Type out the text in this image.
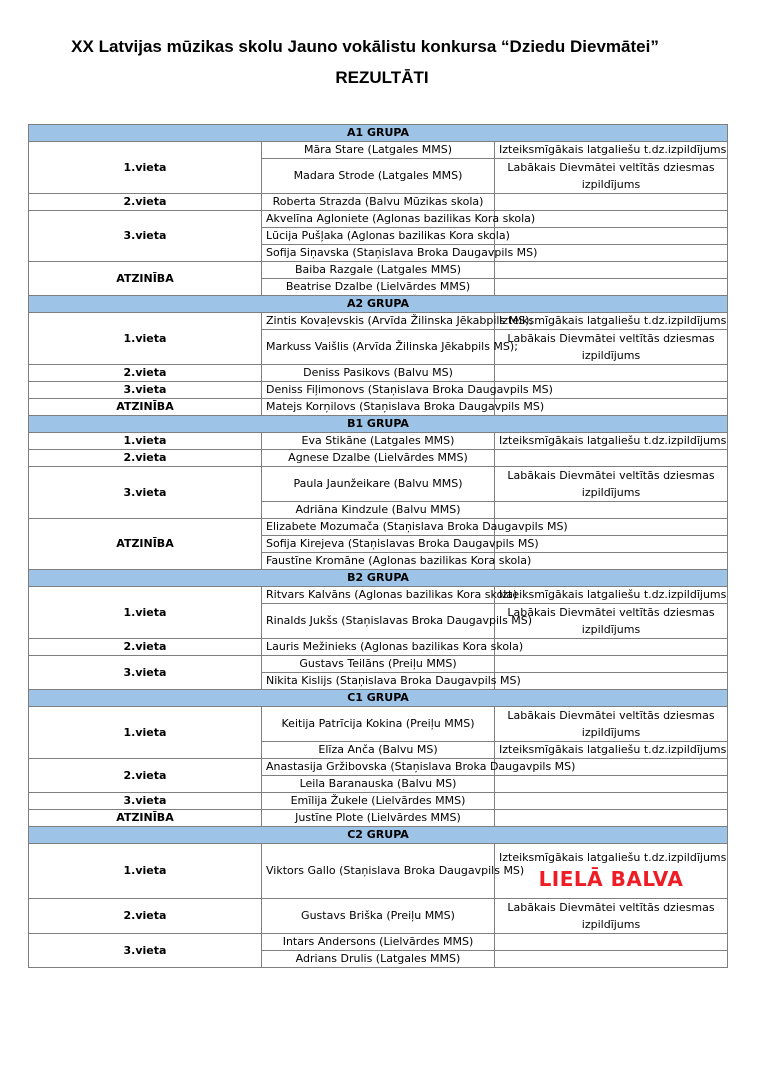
XX Latvijas mūzikas skolu Jauno vokālistu konkursa “Dziedu Dievmātei”
REZULTĀTI
A1 GRUPA		
1.vieta	Māra Stare (Latgales MMS)	Izteiksmīgākais latgaliešu t.dz.izpildījums
	Madara Strode (Latgales MMS)	Labākais Dievmātei veltītās dziesmas izpildījums
2.vieta	Roberta Strazda (Balvu Mūzikas skola)	
3.vieta	Akvelīna Agloniete (Aglonas bazilikas Kora skola)	
	Lūcija Pušļaka (Aglonas bazilikas Kora skola)	
	Sofija Siņavska (Staņislava Broka Daugavpils MS)	
ATZINĪBA	Baiba Razgale (Latgales MMS)	
	Beatrise Dzalbe (Lielvārdes MMS)	
A2 GRUPA		
1.vieta	Zintis Kovaļevskis (Arvīda Žilinska Jēkabpils MS);	Izteiksmīgākais latgaliešu t.dz.izpildījums
	Markuss Vaišlis (Arvīda Žilinska Jēkabpils MS);	Labākais Dievmātei veltītās dziesmas izpildījums
2.vieta	Deniss Pasikovs (Balvu MS)	
3.vieta	Deniss Fiļimonovs (Staņislava Broka Daugavpils MS)	
ATZINĪBA	Matejs Korņilovs (Staņislava Broka Daugavpils MS)	
B1 GRUPA		
1.vieta	Eva Stikāne (Latgales MMS)	Izteiksmīgākais latgaliešu t.dz.izpildījums
2.vieta	Agnese Dzalbe (Lielvārdes MMS)	
3.vieta	Paula Jaunžeikare (Balvu MMS)	Labākais Dievmātei veltītās dziesmas izpildījums
	Adriāna Kindzule (Balvu MMS)	
ATZINĪBA	Elizabete Mozumača (Staņislava Broka Daugavpils MS)	
	Sofija Kirejeva (Staņislavas Broka Daugavpils MS)	
	Faustīne Kromāne (Aglonas bazilikas Kora skola)	
B2 GRUPA		
1.vieta	Ritvars Kalvāns (Aglonas bazilikas Kora skola)	Izteiksmīgākais latgaliešu t.dz.izpildījums
	Rinalds Jukšs (Staņislavas Broka Daugavpils MS)	Labākais Dievmātei veltītās dziesmas izpildījums
2.vieta	Lauris Mežinieks (Aglonas bazilikas Kora skola)	
3.vieta	Gustavs Teilāns (Preiļu MMS)	
	Nikita Kislijs (Staņislava Broka Daugavpils MS)	
C1 GRUPA		
1.vieta	Keitija Patrīcija Kokina (Preiļu MMS)	Labākais Dievmātei veltītās dziesmas izpildījums
	Elīza Anča (Balvu MS)	Izteiksmīgākais latgaliešu t.dz.izpildījums
2.vieta	Anastasija Gržibovska (Staņislava Broka Daugavpils MS)	
	Leila Baranauska (Balvu MS)	
3.vieta	Emīlija Žukele (Lielvārdes MMS)	
ATZINĪBA	Justīne Plote (Lielvārdes MMS)	
C2 GRUPA		
1.vieta	Viktors Gallo (Staņislava Broka Daugavpils MS)	Izteiksmīgākais latgaliešu t.dz.izpildījums
LIELĀ BALVA

2.vieta	Gustavs Briška (Preiļu MMS)	Labākais Dievmātei veltītās dziesmas izpildījums
3.vieta	Intars Andersons (Lielvārdes MMS)	
	Adrians Drulis (Latgales MMS)	
